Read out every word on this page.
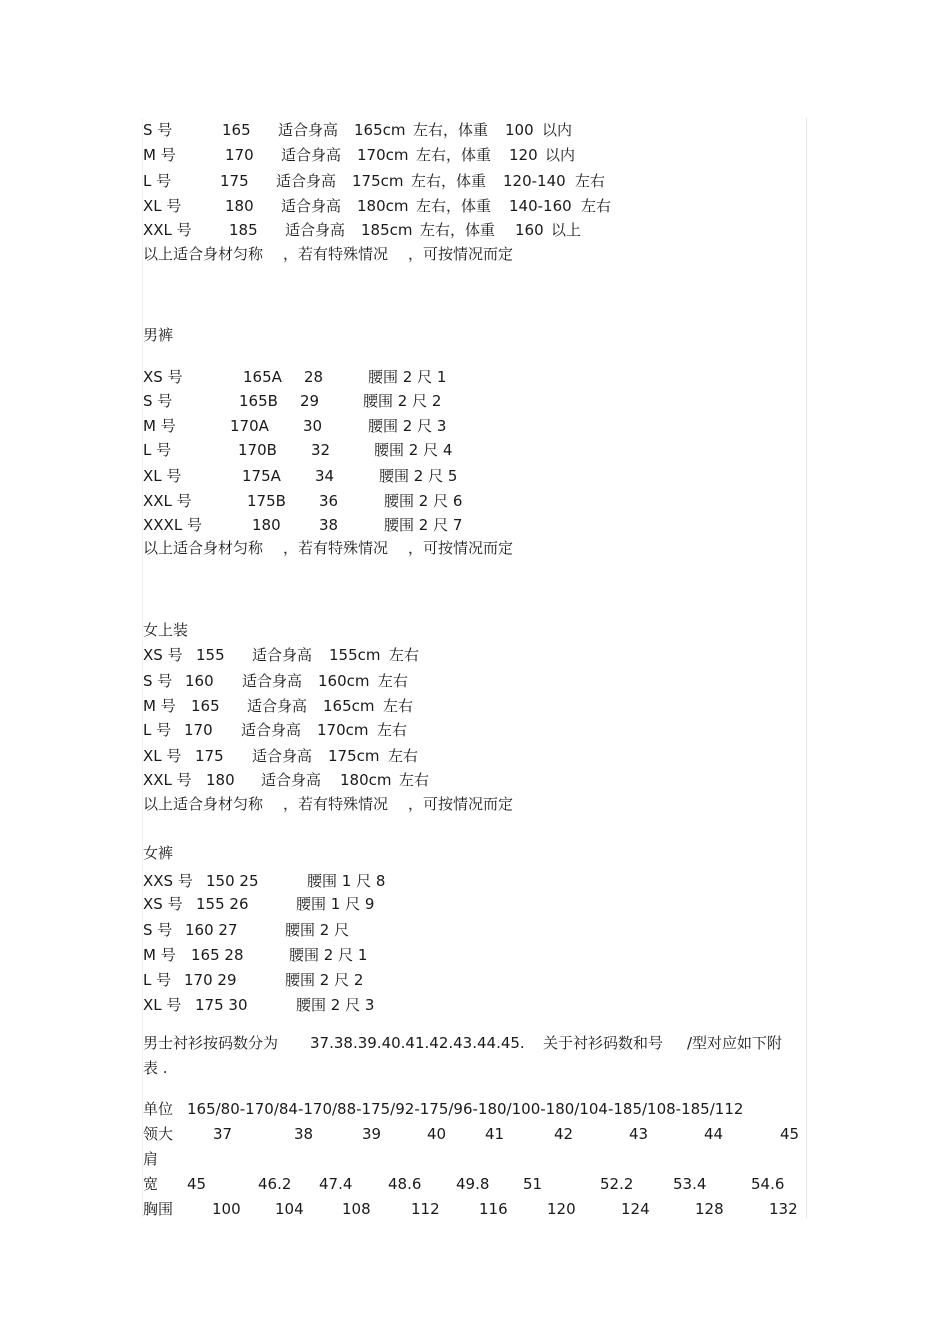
S 号	165 适合身高 165cm 左右，体重 100 以内
M 号	170 适合身高 170cm 左右，体重 120 以内
L 号	175 适合身高 175cm 左右，体重 120-140 左右
XL 号	180 适合身高 180cm 左右，体重 140-160 左右
XXL 号 185 适合身高 185cm 左右，体重 160 以上
以上适合身材匀称 ，若有特殊情况 ，可按情况而定
男裤
XS 号	165A 28	腰围 2 尺 1
S 号	165B 29	腰围 2 尺 2
M 号	170A 30	腰围 2 尺 3
L 号	170B 32	腰围 2 尺 4
XL 号	175A 34	腰围 2 尺 5
XXL 号	175B 36	腰围 2 尺 6
XXXL 号	180	38	腰围 2 尺 7
以上适合身材匀称 ，若有特殊情况 ，可按情况而定
女上装
XS 号 155 适合身高 155cm 左右
S 号 160 适合身高 160cm 左右
M 号 165 适合身高 165cm 左右
L 号 170 适合身高 170cm 左右
XL 号 175 适合身高 175cm 左右
XXL 号 180 适合身高 180cm 左右
以上适合身材匀称 ，若有特殊情况 ，可按情况而定
女裤
XXS 号 150 25	腰围 1 尺 8
XS 号 155 26	腰围 1 尺 9
S 号 160 27	腰围 2 尺
M 号 165 28	腰围 2 尺 1
L 号 170 29	腰围 2 尺 2
XL 号 175 30	腰围 2 尺 3
男士衬衫按码数分为 37.38.39.40.41.42.43.44.45. 关于衬衫码数和号 /型对应如下附
表 .
单位 165/80-170/84-170/88-175/92-175/96-180/100-180/104-185/108-185/112
领大	37	38	39	40	41	42	43	44	45
肩
宽 45	46.2 47.4 48.6 49.8 51	52.2	53.4	54.6
胸围	100 104	108	112	116	120	124	128	132
